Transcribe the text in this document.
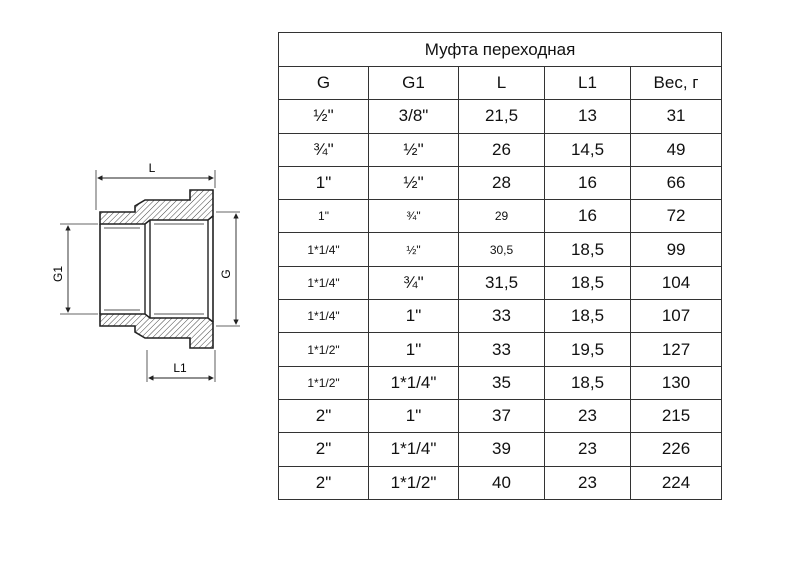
L
L1
G1	G
Муфта переходная				
G	G1	L	L1	Вес, г
½"	3/8"	21,5	13	31
¾"	½"	26	14,5	49
1"	½"	28	16	66
1"	¾"	29	16	72
1*1/4"	½"	30,5	18,5	99
1*1/4"	¾"	31,5	18,5	104
1*1/4"	1"	33	18,5	107
1*1/2"	1"	33	19,5	127
1*1/2"	1*1/4"	35	18,5	130
2"	1"	37	23	215
2"	1*1/4"	39	23	226
2"	1*1/2"	40	23	224
